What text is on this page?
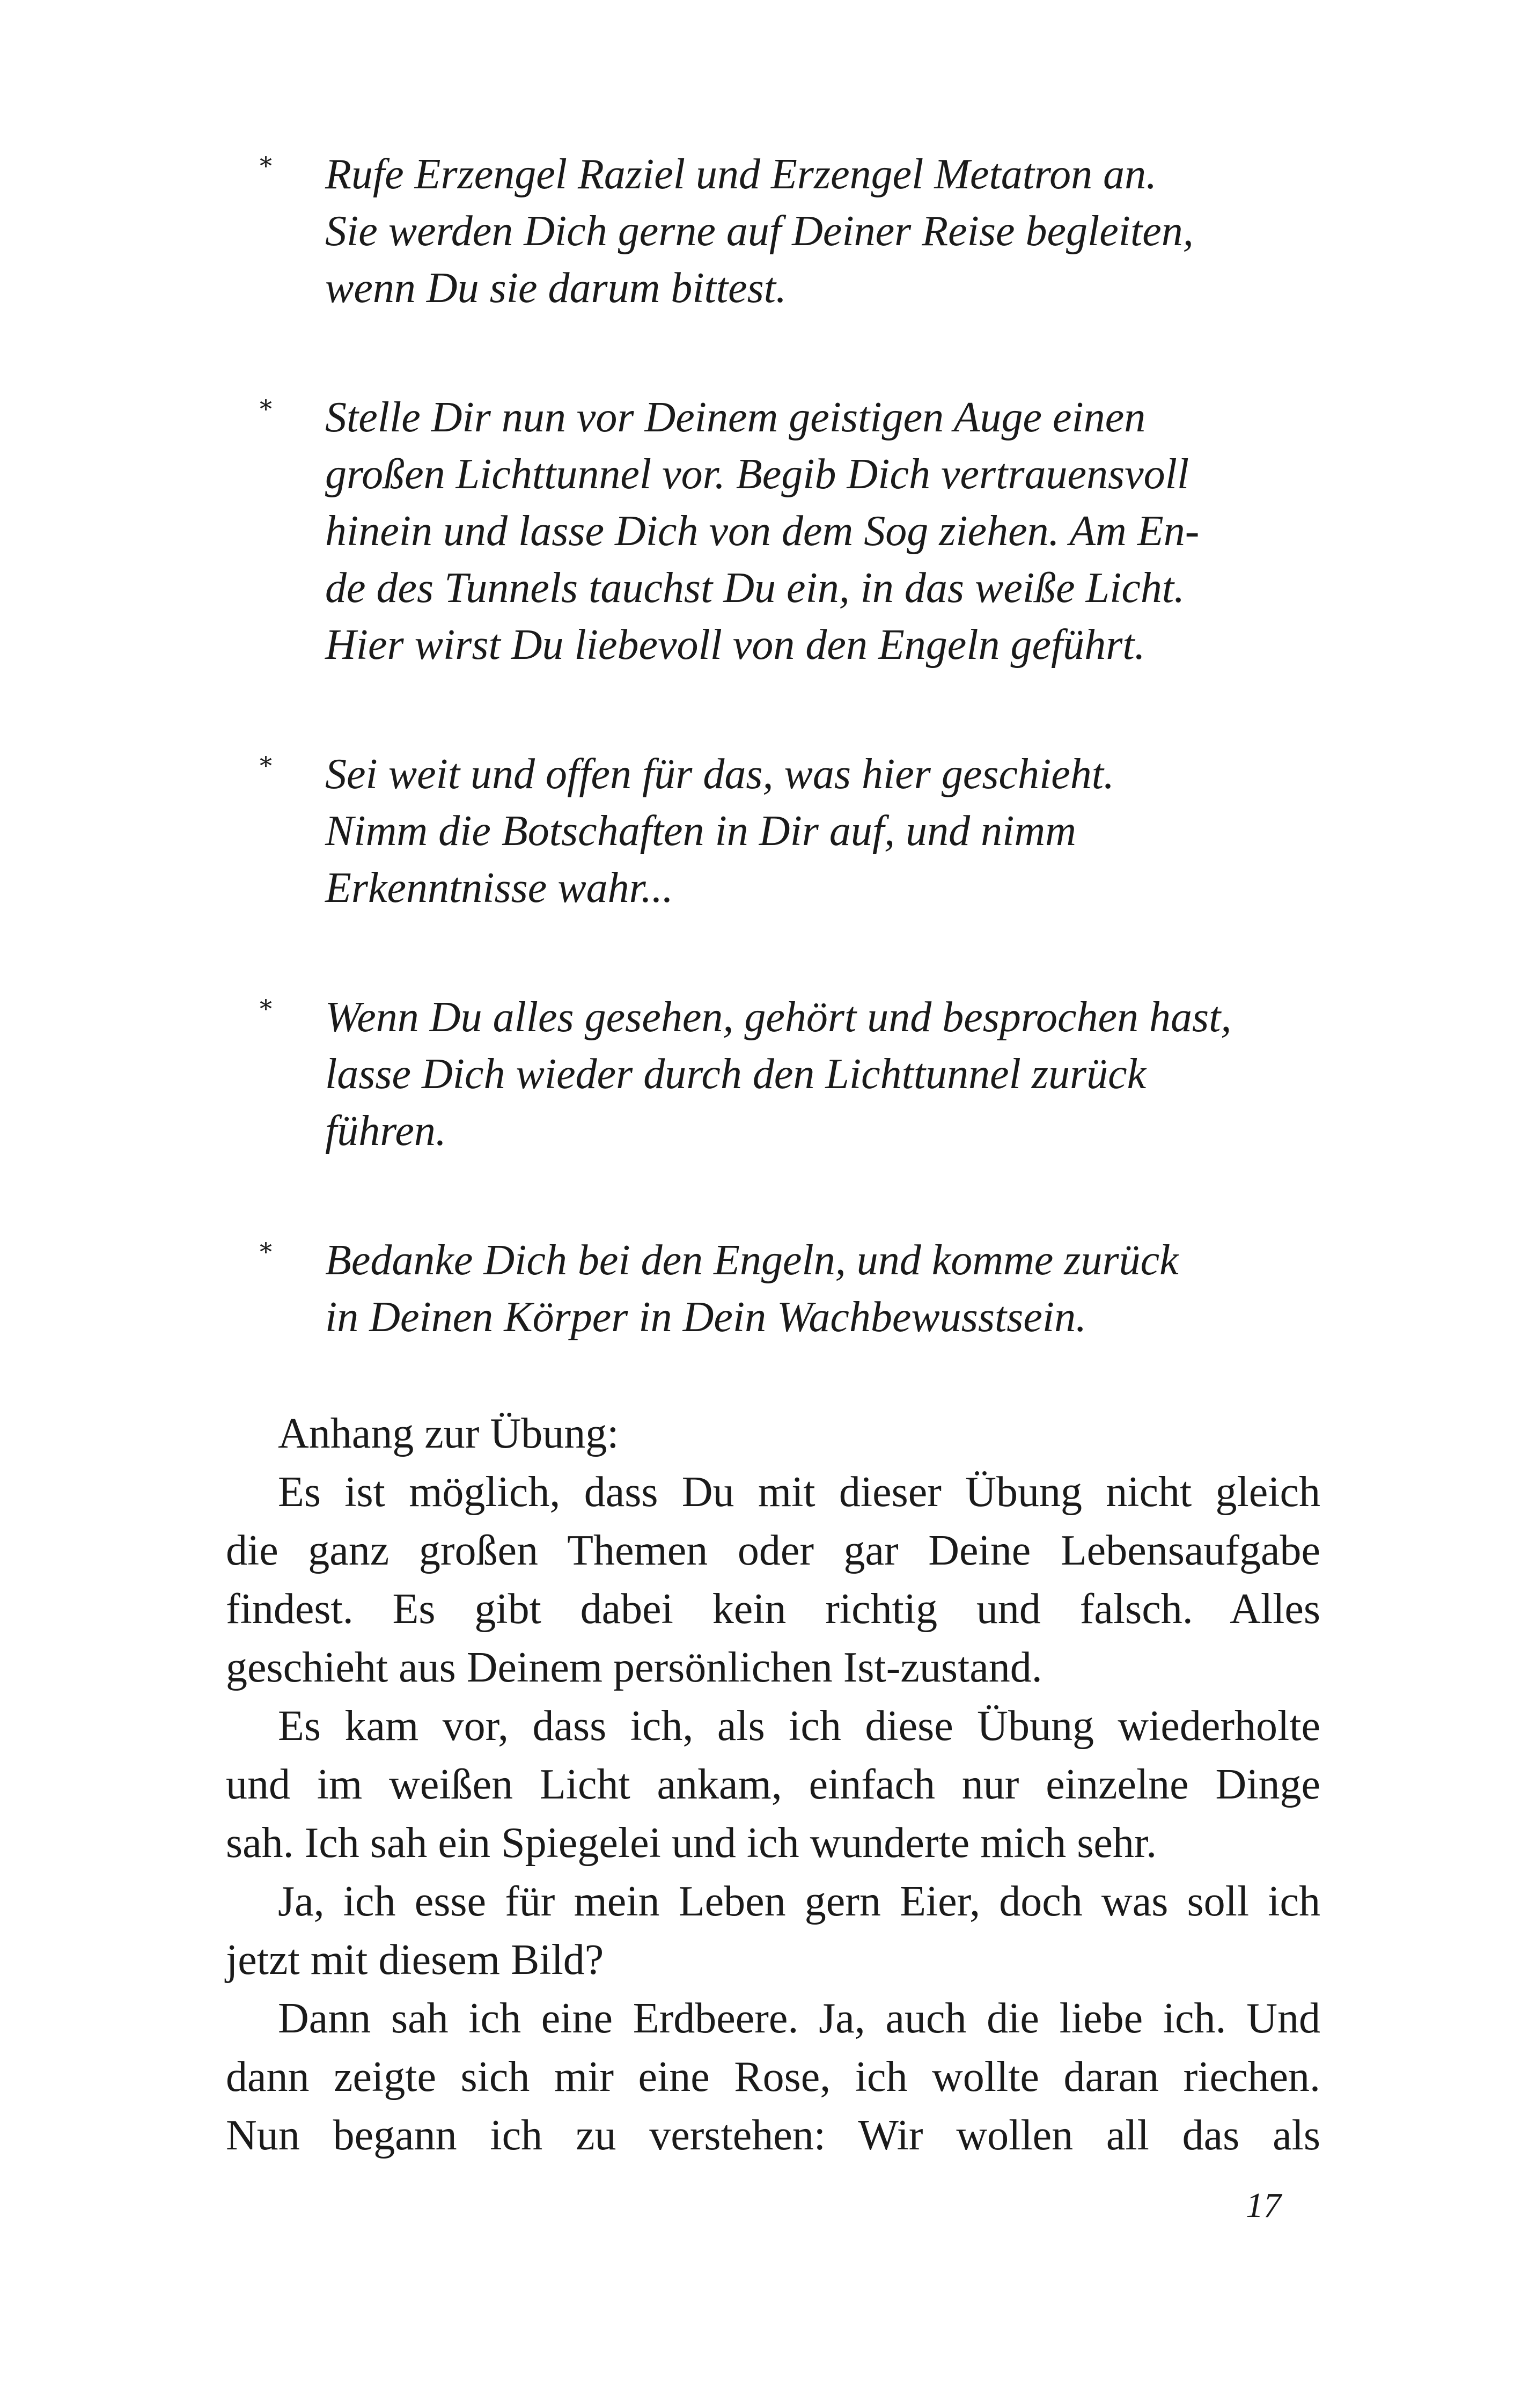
*	Rufe Erzengel Raziel und Erzengel Metatron an.
Sie werden Dich gerne auf Deiner Reise begleiten,
wenn Du sie darum bittest.
*	Stelle Dir nun vor Deinem geistigen Auge einen
großen Lichttunnel vor. Begib Dich vertrauensvoll
hinein und lasse Dich von dem Sog ziehen. Am En-
de des Tunnels tauchst Du ein, in das weiße Licht.
Hier wirst Du liebevoll von den Engeln geführt.
*	Sei weit und offen für das, was hier geschieht.
Nimm die Botschaften in Dir auf, und nimm
Erkenntnisse wahr...
*	Wenn Du alles gesehen, gehört und besprochen hast,
lasse Dich wieder durch den Lichttunnel zurück
führen.
*	Bedanke Dich bei den Engeln, und komme zurück
in Deinen Körper in Dein Wachbewusstsein.
Anhang zur Übung:
Es ist möglich, dass Du mit dieser Übung nicht gleich
die ganz großen Themen oder gar Deine Lebensaufgabe
findest. Es gibt dabei kein richtig und falsch. Alles
geschieht aus Deinem persönlichen Ist-zustand.
Es kam vor, dass ich, als ich diese Übung wiederholte
und im weißen Licht ankam, einfach nur einzelne Dinge
sah. Ich sah ein Spiegelei und ich wunderte mich sehr.
Ja, ich esse für mein Leben gern Eier, doch was soll ich
jetzt mit diesem Bild?
Dann sah ich eine Erdbeere. Ja, auch die liebe ich. Und
dann zeigte sich mir eine Rose, ich wollte daran riechen.
Nun begann ich zu verstehen: Wir wollen all das als
17
